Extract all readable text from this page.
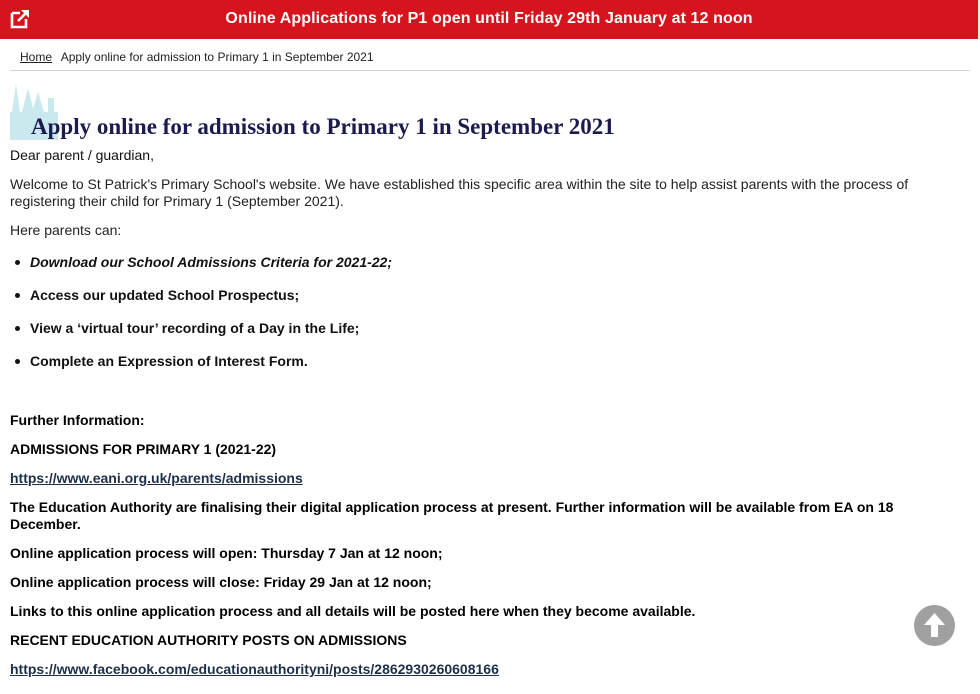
Online Applications for P1 open until Friday 29th January at 12 noon
Home Apply online for admission to Primary 1 in September 2021
Apply online for admission to Primary 1 in September 2021

Dear parent / guardian,

Welcome to St Patrick's Primary School's website. We have established this specific area within the site to help assist parents with the process of registering their child for Primary 1 (September 2021).

Here parents can:

Download our School Admissions Criteria for 2021-22;
Access our updated School Prospectus;
View a ‘virtual tour’ recording of a Day in the Life;
Complete an Expression of Interest Form.

Further Information:

ADMISSIONS FOR PRIMARY 1 (2021-22)

https://www.eani.org.uk/parents/admissions

The Education Authority are finalising their digital application process at present. Further information will be available from EA on 18 December.

Online application process will open: Thursday 7 Jan at 12 noon;

Online application process will close: Friday 29 Jan at 12 noon;

Links to this online application process and all details will be posted here when they become available.

RECENT EDUCATION AUTHORITY POSTS ON ADMISSIONS

https://www.facebook.com/educationauthorityni/posts/2862930260608166
